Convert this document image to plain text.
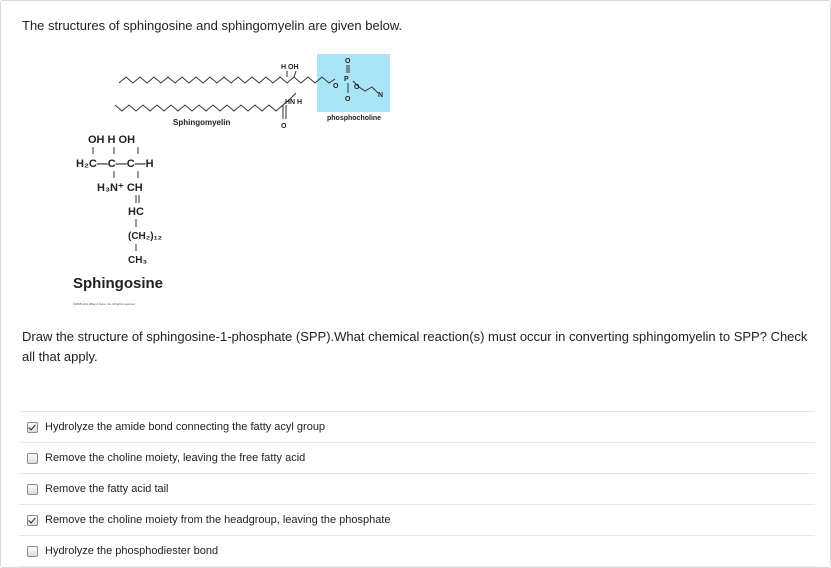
The structures of sphingosine and sphingomyelin are given below.

H OH
HN H
O
O
P
O
O
O
N
Sphingomyelin	phosphocholine
OH H OH
H₂C—C—C—H
H₃N⁺ CH
HC
(CH₂)₁₂
CH₃
Sphingosine
©2008 John Wiley & Sons, Inc. All rights reserved.

Draw the structure of sphingosine-1-phosphate (SPP).What chemical reaction(s) must occur in converting sphingomyelin to SPP? Check all that apply.

Hydrolyze the amide bond connecting the fatty acyl group
Remove the choline moiety, leaving the free fatty acid
Remove the fatty acid tail
Remove the choline moiety from the headgroup, leaving the phosphate
Hydrolyze the phosphodiester bond
